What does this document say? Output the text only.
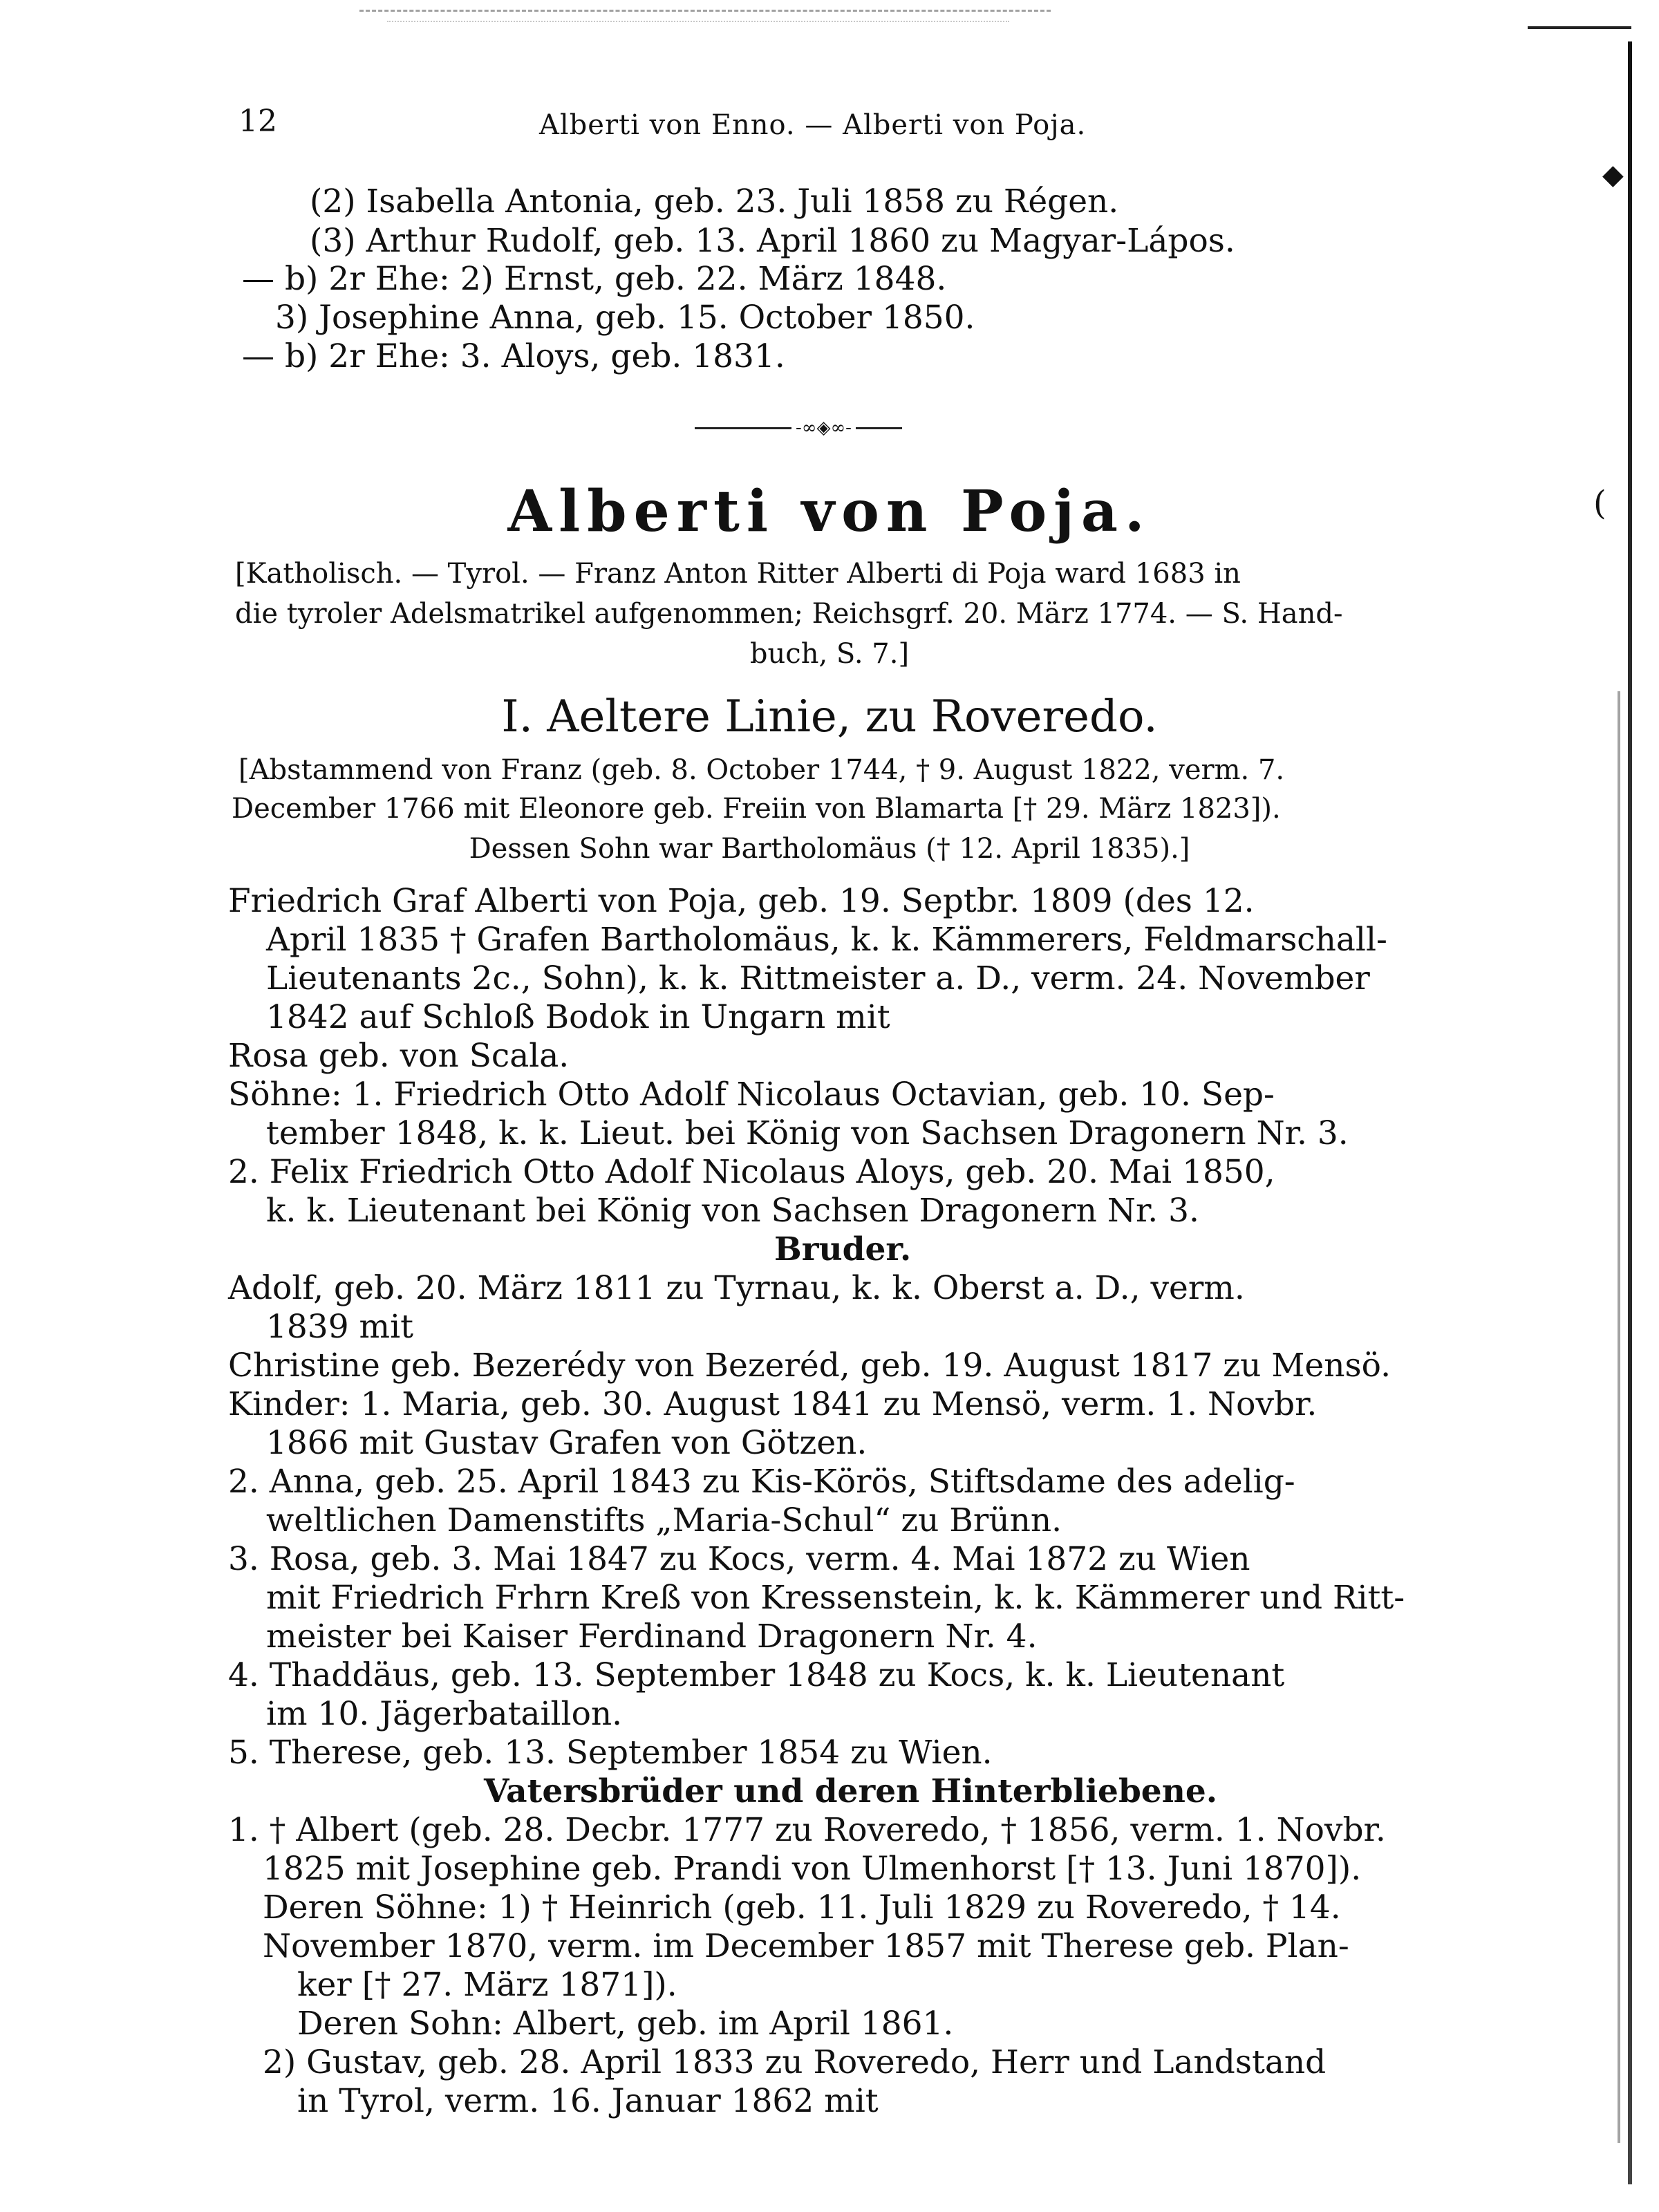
◆
(
12	Alberti von Enno. — Alberti von Poja.
(2) Isabella Antonia, geb. 23. Juli 1858 zu Régen.
(3) Arthur Rudolf, geb. 13. April 1860 zu Magyar-Lápos.
— b) 2r Ehe: 2) Ernst, geb. 22. März 1848.
3) Josephine Anna, geb. 15. October 1850.
— b) 2r Ehe: 3. Aloys, geb. 1831.
-∞◈∞-
Alberti von Poja.
[Katholisch. — Tyrol. — Franz Anton Ritter Alberti di Poja ward 1683 in
die tyroler Adelsmatrikel aufgenommen; Reichsgrf. 20. März 1774. — S. Hand-
buch, S. 7.]
I. Aeltere Linie, zu Roveredo.
[Abstammend von Franz (geb. 8. October 1744, † 9. August 1822, verm. 7.
December 1766 mit Eleonore geb. Freiin von Blamarta [† 29. März 1823]).
Dessen Sohn war Bartholomäus († 12. April 1835).]
Friedrich Graf Alberti von Poja, geb. 19. Septbr. 1809 (des 12.
April 1835 † Grafen Bartholomäus, k. k. Kämmerers, Feldmarschall-
Lieutenants 2c., Sohn), k. k. Rittmeister a. D., verm. 24. November
1842 auf Schloß Bodok in Ungarn mit
Rosa geb. von Scala.
Söhne: 1. Friedrich Otto Adolf Nicolaus Octavian, geb. 10. Sep-
tember 1848, k. k. Lieut. bei König von Sachsen Dragonern Nr. 3.
2. Felix Friedrich Otto Adolf Nicolaus Aloys, geb. 20. Mai 1850,
k. k. Lieutenant bei König von Sachsen Dragonern Nr. 3.
Bruder.
Adolf, geb. 20. März 1811 zu Tyrnau, k. k. Oberst a. D., verm.
1839 mit
Christine geb. Bezerédy von Bezeréd, geb. 19. August 1817 zu Mensö.
Kinder: 1. Maria, geb. 30. August 1841 zu Mensö, verm. 1. Novbr.
1866 mit Gustav Grafen von Götzen.
2. Anna, geb. 25. April 1843 zu Kis-Körös, Stiftsdame des adelig-
weltlichen Damenstifts „Maria-Schul“ zu Brünn.
3. Rosa, geb. 3. Mai 1847 zu Kocs, verm. 4. Mai 1872 zu Wien
mit Friedrich Frhrn Kreß von Kressenstein, k. k. Kämmerer und Ritt-
meister bei Kaiser Ferdinand Dragonern Nr. 4.
4. Thaddäus, geb. 13. September 1848 zu Kocs, k. k. Lieutenant
im 10. Jägerbataillon.
5. Therese, geb. 13. September 1854 zu Wien.
Vatersbrüder und deren Hinterbliebene.
1. † Albert (geb. 28. Decbr. 1777 zu Roveredo, † 1856, verm. 1. Novbr.
1825 mit Josephine geb. Prandi von Ulmenhorst [† 13. Juni 1870]).
Deren Söhne: 1) † Heinrich (geb. 11. Juli 1829 zu Roveredo, † 14.
November 1870, verm. im December 1857 mit Therese geb. Plan-
ker [† 27. März 1871]).
Deren Sohn: Albert, geb. im April 1861.
2) Gustav, geb. 28. April 1833 zu Roveredo, Herr und Landstand
in Tyrol, verm. 16. Januar 1862 mit
